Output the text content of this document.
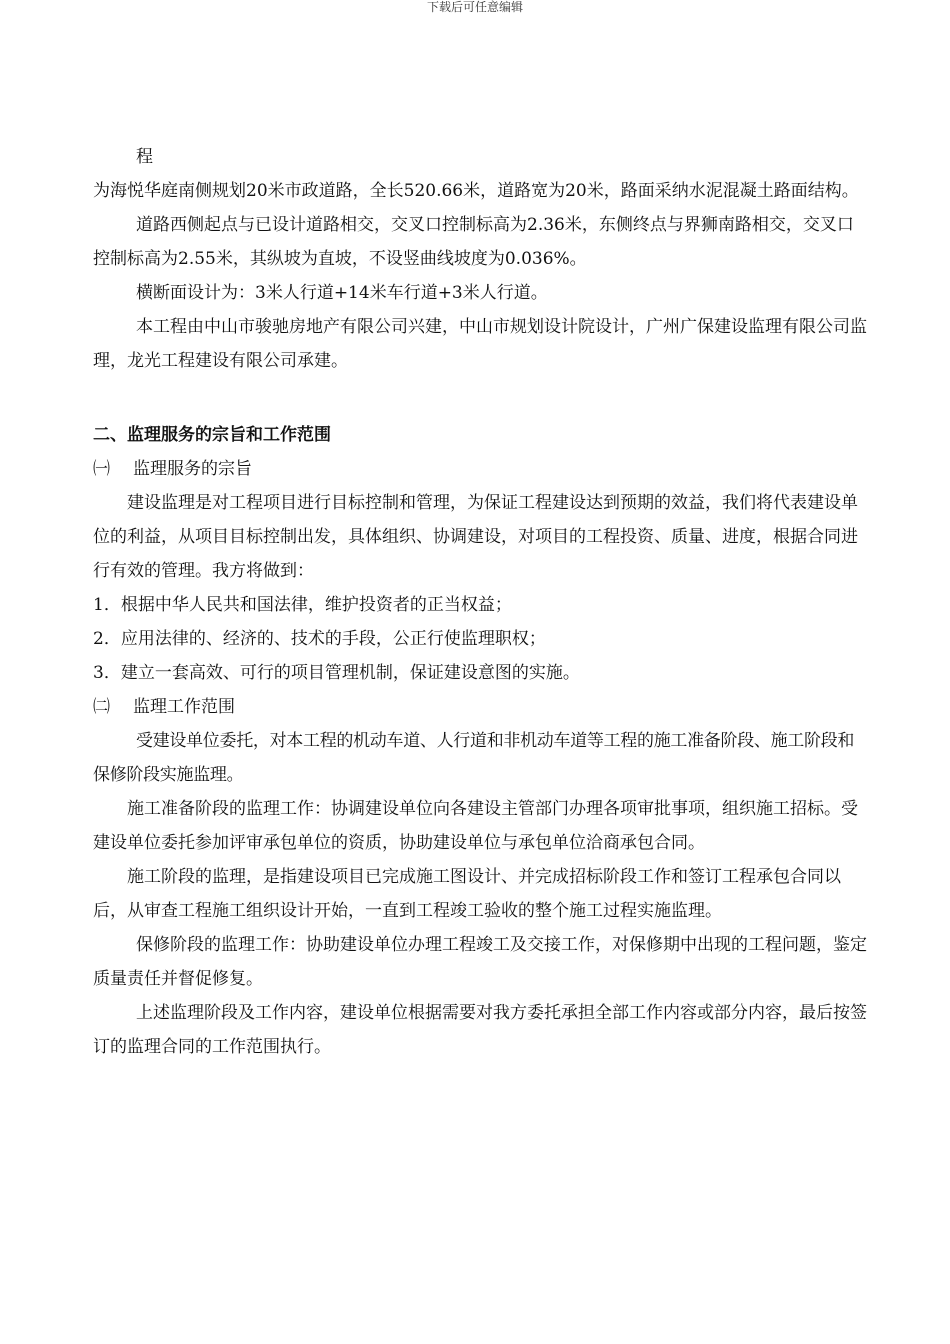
下载后可任意编辑

程

为海悦华庭南侧规划20米市政道路，全长520.66米，道路宽为20米，路面采纳水泥混凝土路面结构。

道路西侧起点与已设计道路相交，交叉口控制标高为2.36米，东侧终点与界狮南路相交，交叉口控制标高为2.55米，其纵坡为直坡，不设竖曲线坡度为0.036%。

横断面设计为：3米人行道+14米车行道+3米人行道。

本工程由中山市骏驰房地产有限公司兴建，中山市规划设计院设计，广州广保建设监理有限公司监理，龙光工程建设有限公司承建。

二、监理服务的宗旨和工作范围

㈠ 监理服务的宗旨

建设监理是对工程项目进行目标控制和管理，为保证工程建设达到预期的效益，我们将代表建设单位的利益，从项目目标控制出发，具体组织、协调建设，对项目的工程投资、质量、进度，根据合同进行有效的管理。我方将做到：

1．根据中华人民共和国法律，维护投资者的正当权益；

2．应用法律的、经济的、技术的手段，公正行使监理职权；

3．建立一套高效、可行的项目管理机制，保证建设意图的实施。

㈡ 监理工作范围

受建设单位委托，对本工程的机动车道、人行道和非机动车道等工程的施工准备阶段、施工阶段和保修阶段实施监理。

施工准备阶段的监理工作：协调建设单位向各建设主管部门办理各项审批事项，组织施工招标。受建设单位委托参加评审承包单位的资质，协助建设单位与承包单位洽商承包合同。

施工阶段的监理，是指建设项目已完成施工图设计、并完成招标阶段工作和签订工程承包合同以后，从审查工程施工组织设计开始，一直到工程竣工验收的整个施工过程实施监理。

保修阶段的监理工作：协助建设单位办理工程竣工及交接工作，对保修期中出现的工程问题，鉴定质量责任并督促修复。

上述监理阶段及工作内容，建设单位根据需要对我方委托承担全部工作内容或部分内容，最后按签订的监理合同的工作范围执行。
